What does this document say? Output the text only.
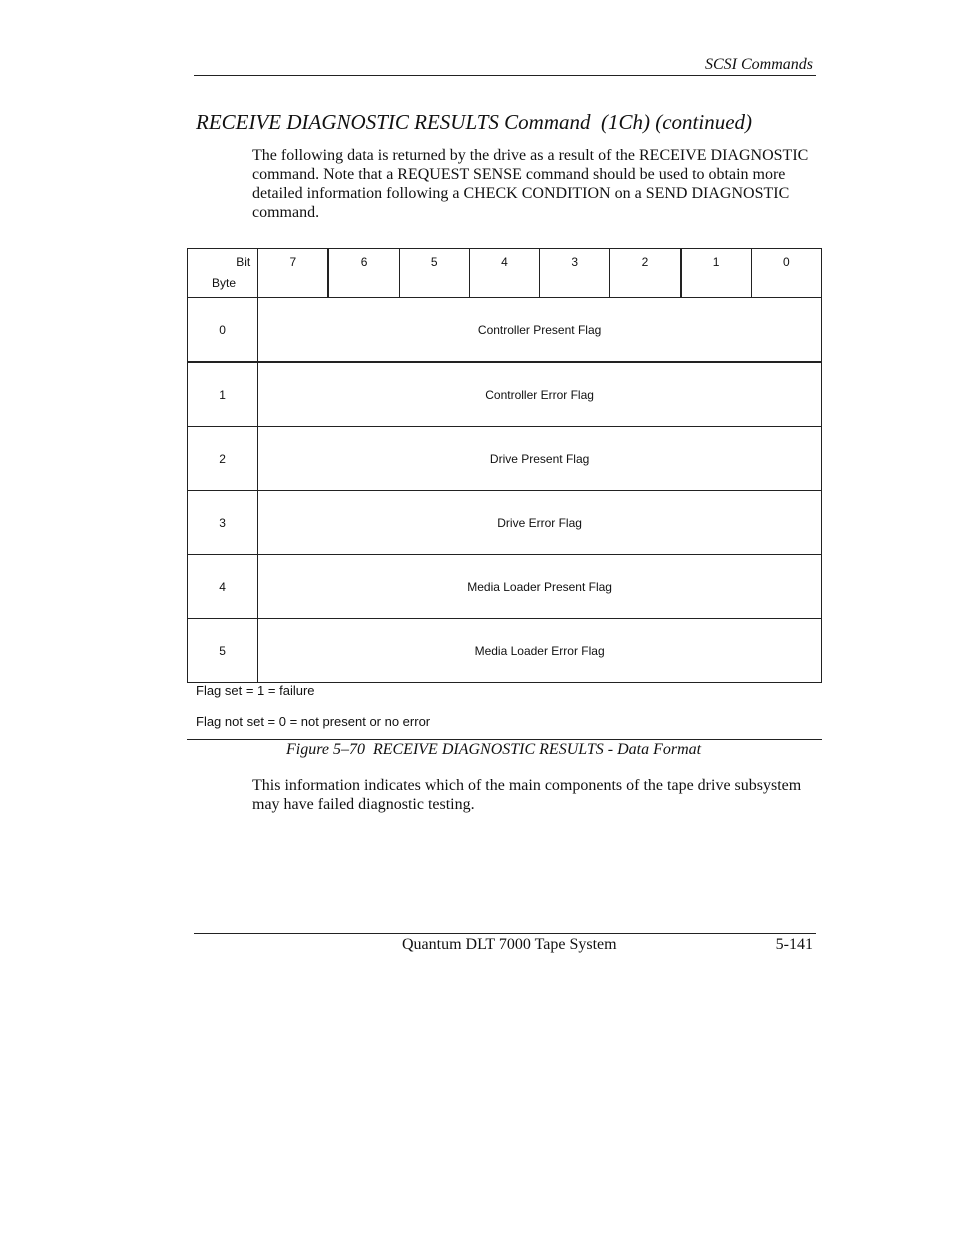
SCSI Commands
RECEIVE DIAGNOSTIC RESULTS Command  (1Ch) (continued)
The following data is returned by the drive as a result of the RECEIVE DIAGNOSTIC command. Note that a REQUEST SENSE command should be used to obtain more detailed information following a CHECK CONDITION on a SEND DIAGNOSTIC command.
Bit
Byte	7	6	5	4	3	2	1	0
0	Controller Present Flag							
1	Controller Error Flag							
2	Drive Present Flag							
3	Drive Error Flag							
4	Media Loader Present Flag							
5	Media Loader Error Flag							
Flag set = 1 = failure
Flag not set = 0 = not present or no error
Figure 5–70  RECEIVE DIAGNOSTIC RESULTS - Data Format
This information indicates which of the main components of the tape drive subsystem may have failed diagnostic testing.
Quantum DLT 7000 Tape System	5-141
